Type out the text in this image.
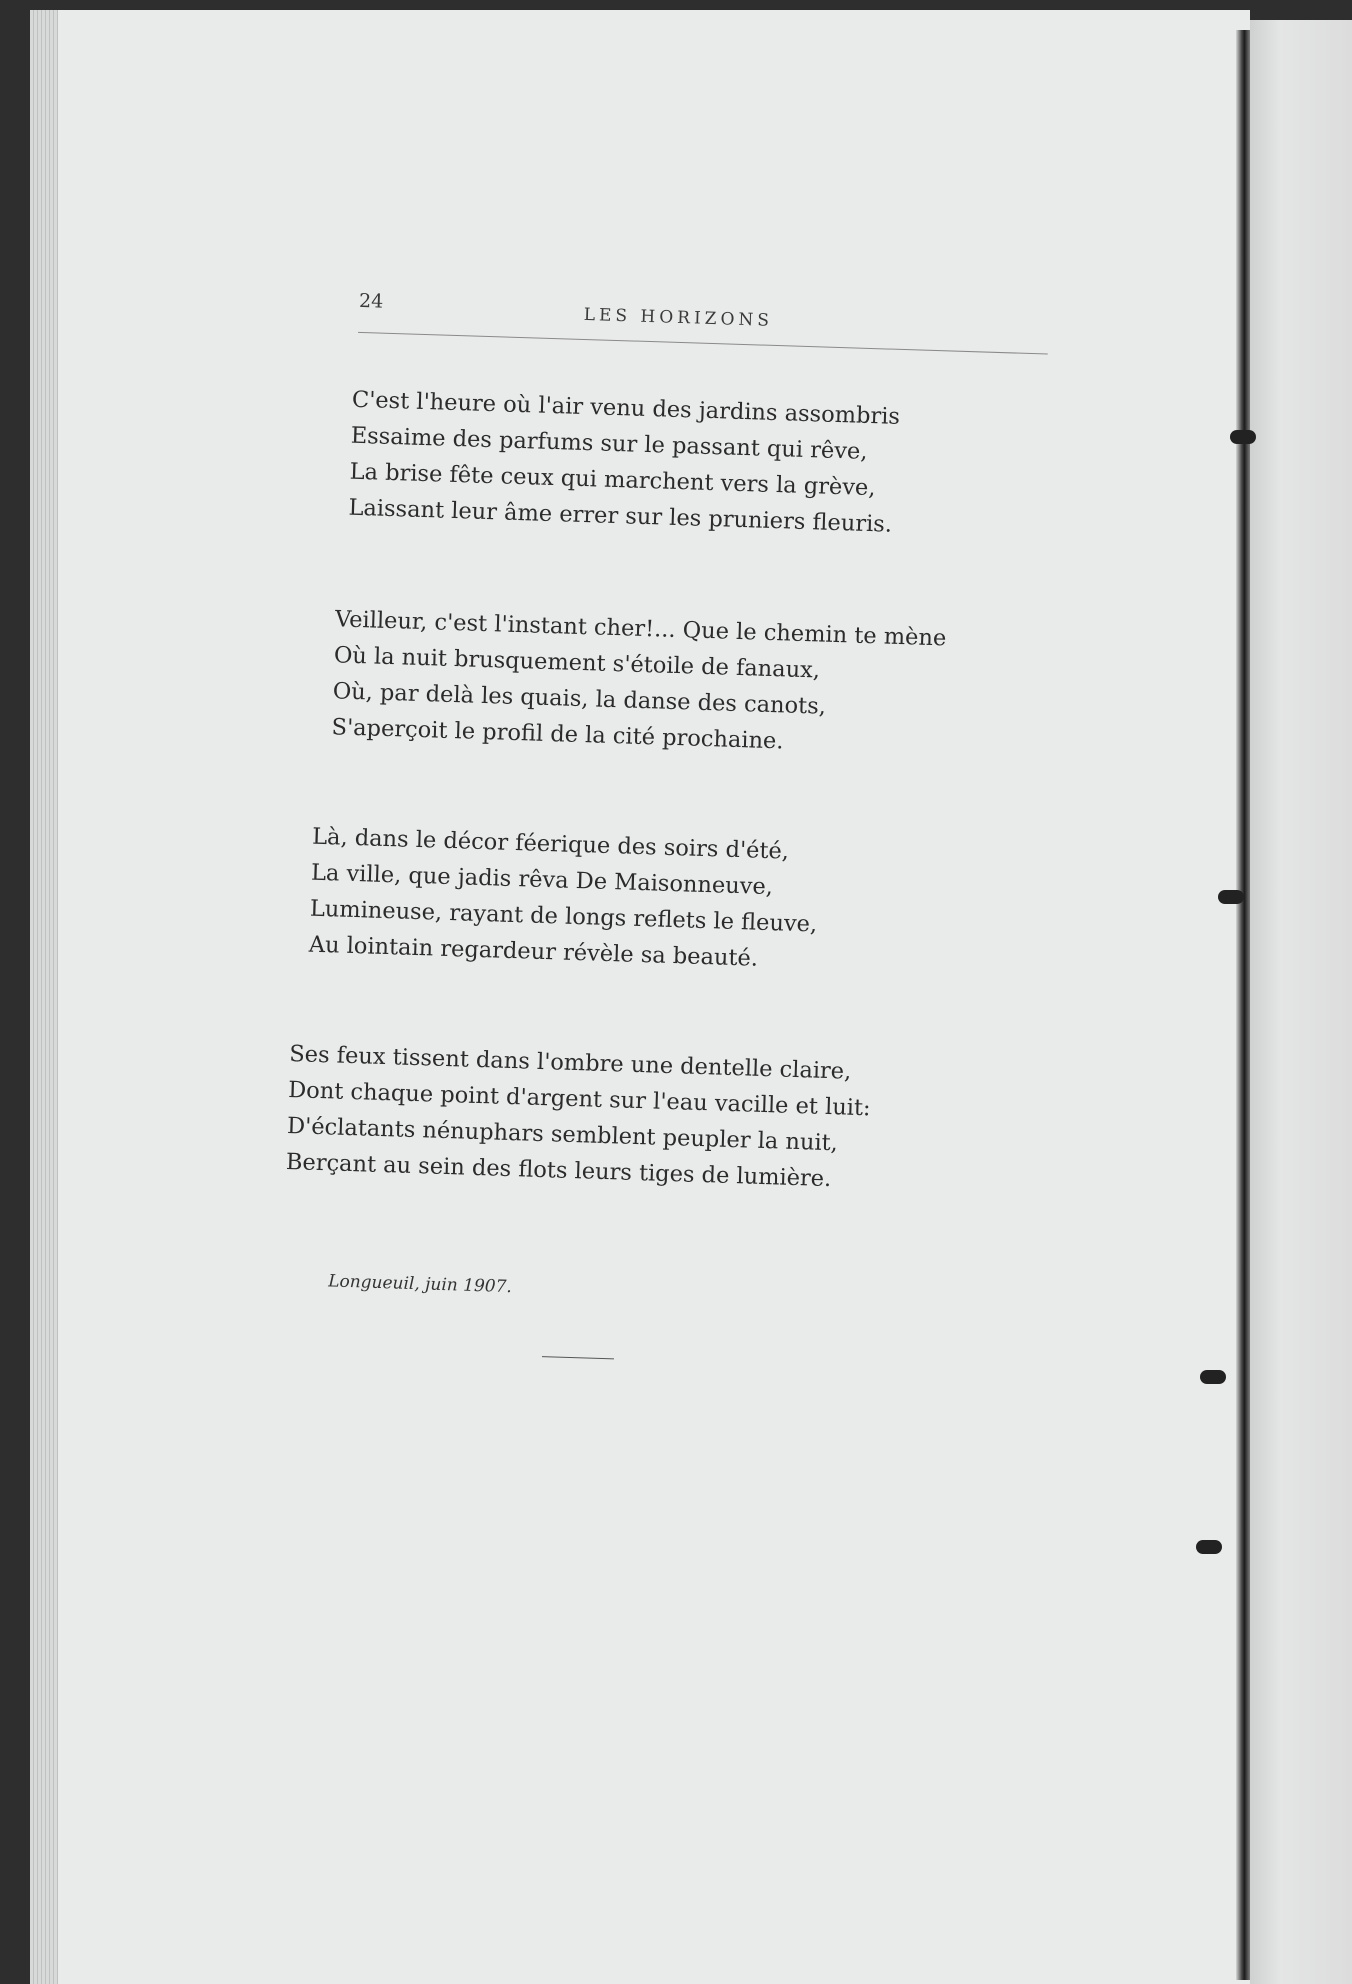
24
LES HORIZONS
C'est l'heure où l'air venu des jardins assombris
Essaime des parfums sur le passant qui rêve,
La brise fête ceux qui marchent vers la grève,
Laissant leur âme errer sur les pruniers fleuris.
Veilleur, c'est l'instant cher!... Que le chemin te mène
Où la nuit brusquement s'étoile de fanaux,
Où, par delà les quais, la danse des canots,
S'aperçoit le profil de la cité prochaine.
Là, dans le décor féerique des soirs d'été,
La ville, que jadis rêva De Maisonneuve,
Lumineuse, rayant de longs reflets le fleuve,
Au lointain regardeur révèle sa beauté.
Ses feux tissent dans l'ombre une dentelle claire,
Dont chaque point d'argent sur l'eau vacille et luit:
D'éclatants nénuphars semblent peupler la nuit,
Berçant au sein des flots leurs tiges de lumière.
Longueuil, juin 1907.
